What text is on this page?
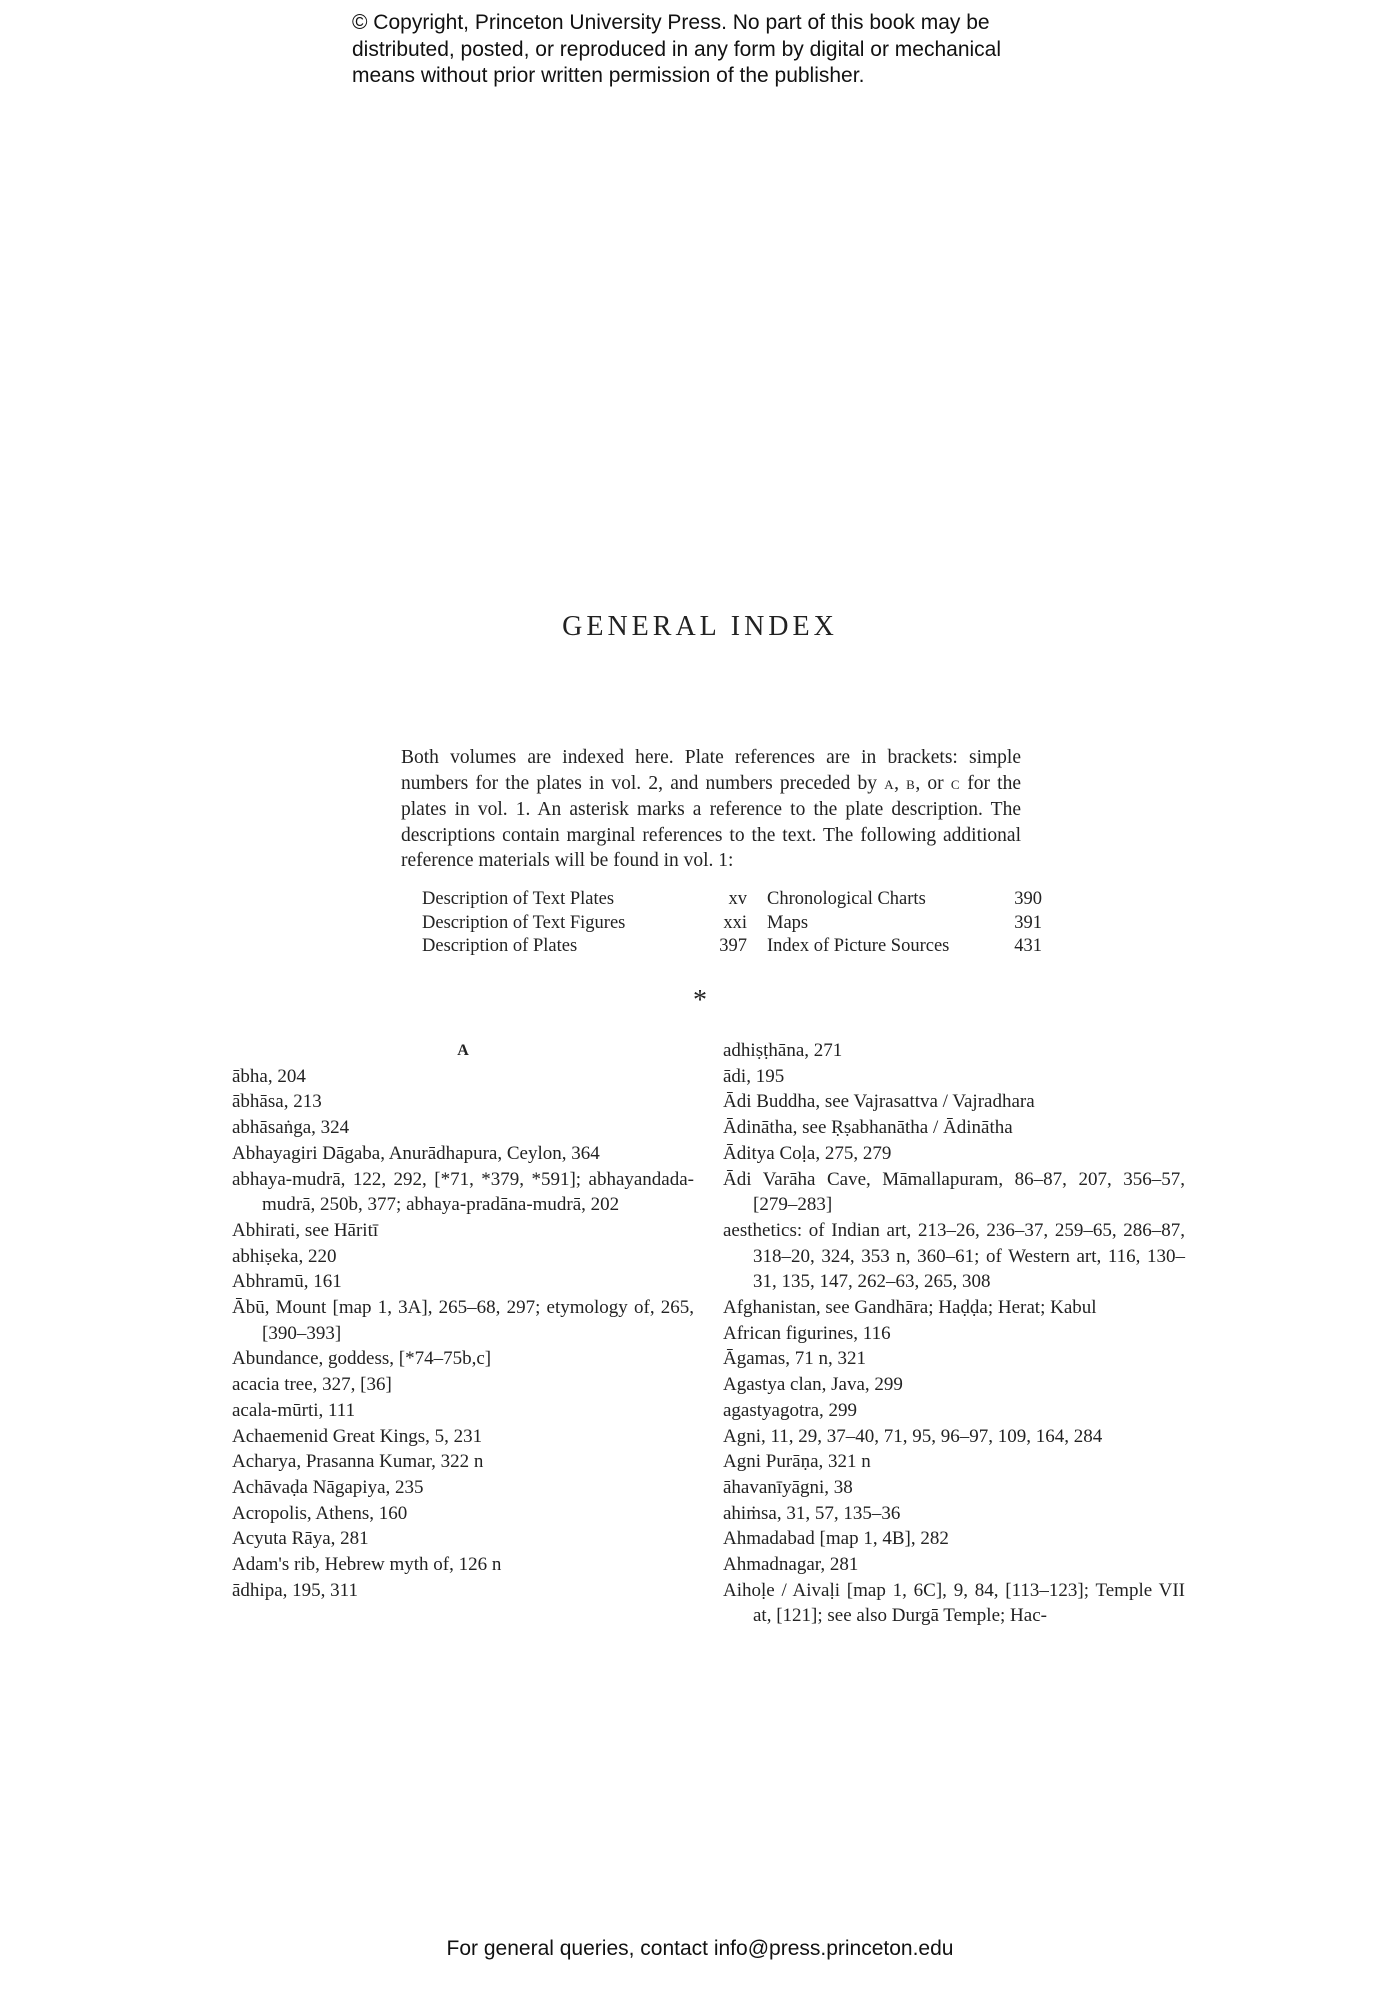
© Copyright, Princeton University Press. No part of this book may be
distributed, posted, or reproduced in any form by digital or mechanical
means without prior written permission of the publisher.
GENERAL INDEX

Both volumes are indexed here. Plate references are in brackets: simple numbers for the plates in vol. 2, and numbers preceded by A, B, or C for the plates in vol. 1. An asterisk marks a reference to the plate description. The descriptions contain marginal references to the text. The following additional reference materials will be found in vol. 1:

Description of Text Plates	xv	Chronological Charts	390
Description of Text Figures	xxi	Maps	391
Description of Plates	397	Index of Picture Sources	431
*
A
ābha, 204
ābhāsa, 213
abhāsaṅga, 324
Abhayagiri Dāgaba, Anurādhapura, Ceylon, 364
abhaya-mudrā, 122, 292, [*71, *379, *591]; abhayandada-mudrā, 250b, 377; abhaya-pradāna-mudrā, 202
Abhirati, see Hāritī
abhiṣeka, 220
Abhramū, 161
Ābū, Mount [map 1, 3A], 265–68, 297; etymology of, 265, [390–393]
Abundance, goddess, [*74–75b,c]
acacia tree, 327, [36]
acala-mūrti, 111
Achaemenid Great Kings, 5, 231
Acharya, Prasanna Kumar, 322 n
Achāvaḍa Nāgapiya, 235
Acropolis, Athens, 160
Acyuta Rāya, 281
Adam's rib, Hebrew myth of, 126 n
ādhipa, 195, 311
adhiṣṭhāna, 271
ādi, 195
Ādi Buddha, see Vajrasattva / Vajradhara
Ādinātha, see Ṛṣabhanātha / Ādinātha
Āditya Coḷa, 275, 279
Ādi Varāha Cave, Māmallapuram, 86–87, 207, 356–57, [279–283]
aesthetics: of Indian art, 213–26, 236–37, 259–65, 286–87, 318–20, 324, 353 n, 360–61; of Western art, 116, 130–31, 135, 147, 262–63, 265, 308
Afghanistan, see Gandhāra; Haḍḍa; Herat; Kabul
African figurines, 116
Āgamas, 71 n, 321
Agastya clan, Java, 299
agastyagotra, 299
Agni, 11, 29, 37–40, 71, 95, 96–97, 109, 164, 284
Agni Purāṇa, 321 n
āhavanīyāgni, 38
ahiṁsa, 31, 57, 135–36
Ahmadabad [map 1, 4B], 282
Ahmadnagar, 281
Aihoḷe / Aivaḷi [map 1, 6C], 9, 84, [113–123]; Temple VII at, [121]; see also Durgā Temple; Hac-
For general queries, contact info@press.princeton.edu
